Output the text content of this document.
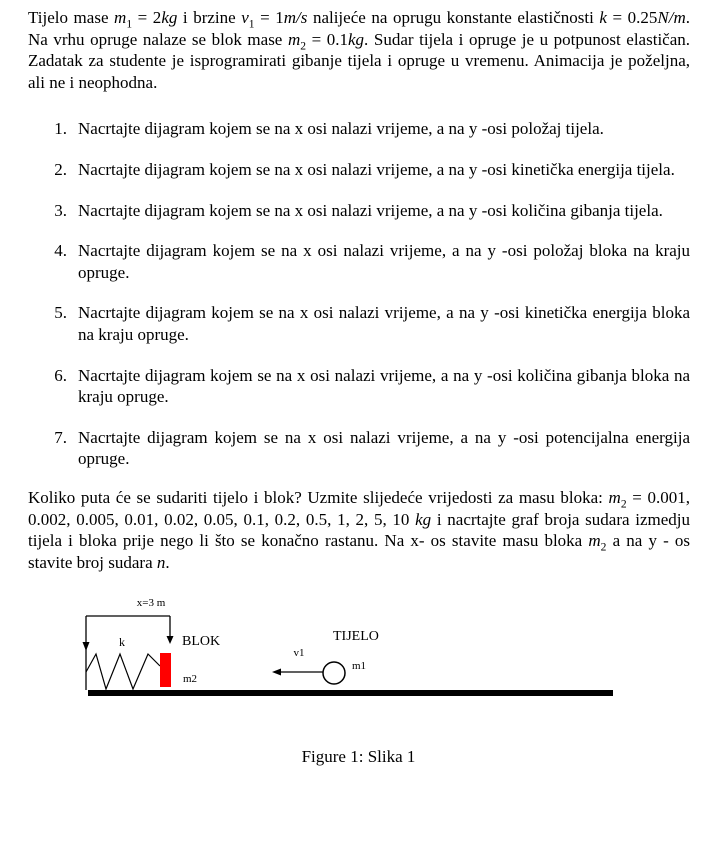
Tijelo mase $m_1 = 2kg$ i brzine $v_1 = 1m/s$ nalijeće na oprugu konstante elastičnosti k = 0.25N/m. Na vrhu opruge nalaze se blok mase $m_2 = 0.1kg$. Sudar tijela i opruge je u potpunost elastičan. Zadatak za studente je isprogramirati gibanje tijela i opruge u vremenu. Animacija je poželjna, ali ne i neophodna.

1. Nacrtajte dijagram kojem se na x osi nalazi vrijeme, a na y -osi položaj tijela.
2. Nacrtajte dijagram kojem se na x osi nalazi vrijeme, a na y -osi kinetička energija tijela.
3. Nacrtajte dijagram kojem se na x osi nalazi vrijeme, a na y -osi količina gibanja tijela.
4. Nacrtajte dijagram kojem se na x osi nalazi vrijeme, a na y -osi položaj bloka na kraju opruge.
5. Nacrtajte dijagram kojem se na x osi nalazi vrijeme, a na y -osi kinetička energija bloka na kraju opruge.
6. Nacrtajte dijagram kojem se na x osi nalazi vrijeme, a na y -osi količina gibanja bloka na kraju opruge.
7. Nacrtajte dijagram kojem se na x osi nalazi vrijeme, a na y -osi potencijalna energija opruge.

Koliko puta će se sudariti tijelo i blok? Uzmite slijedeće vrijedosti za masu bloka: $m_2 = 0.001$, 0.002, 0.005, 0.01, 0.02, 0.05, 0.1, 0.2, 0.5, 1, 2, 5, 10 kg i nacrtajte graf broja sudara izmedju tijela i bloka prije nego li što se konačno rastanu. Na x- os stavite masu bloka $m_2$ a na y - os stavite broj sudara n.

x=3 m
k	BLOK
m2
TIJELO
v1
m1
Figure 1: Slika 1
